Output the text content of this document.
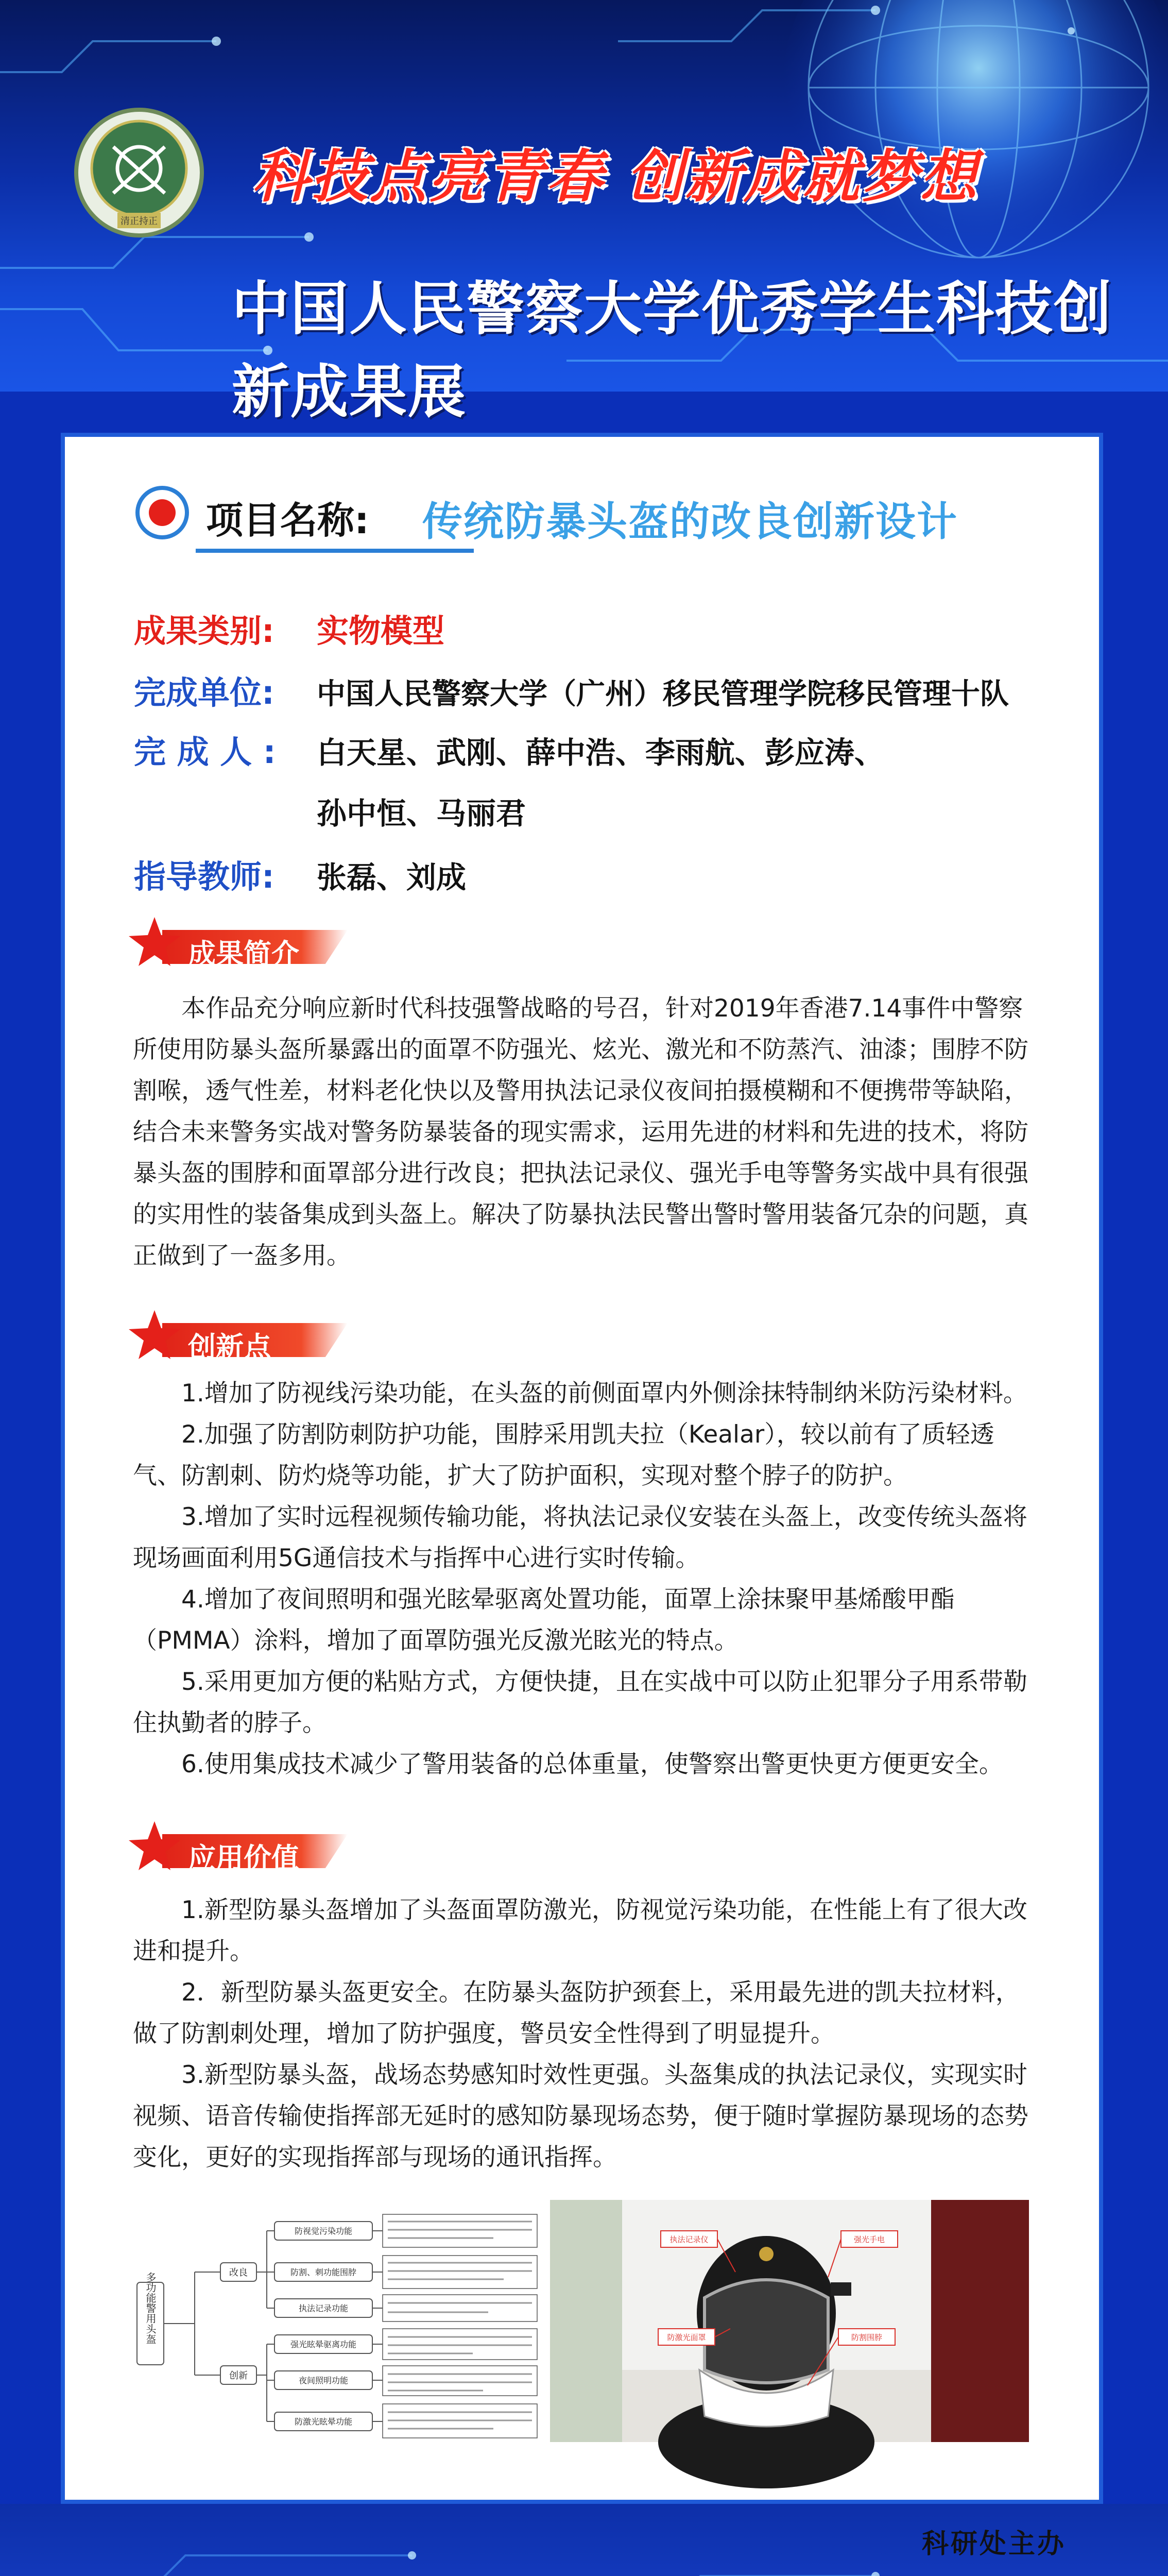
清正持正
科技点亮青春 创新成就梦想
中国人民警察大学优秀学生科技创新成果展
项目名称: 传统防暴头盔的改良创新设计
成果类别: 实物模型
完成单位: 中国人民警察大学（广州）移民管理学院移民管理十队
完 成 人 : 白天星、武刚、薛中浩、李雨航、彭应涛、
孙中恒、马丽君
指导教师: 张磊、刘成
成果简介

本作品充分响应新时代科技强警战略的号召，针对2019年香港7.14事件中警察所使用防暴头盔所暴露出的面罩不防强光、炫光、激光和不防蒸汽、油漆；围脖不防割喉，透气性差，材料老化快以及警用执法记录仪夜间拍摄模糊和不便携带等缺陷，结合未来警务实战对警务防暴装备的现实需求，运用先进的材料和先进的技术，将防暴头盔的围脖和面罩部分进行改良；把执法记录仪、强光手电等警务实战中具有很强的实用性的装备集成到头盔上。解决了防暴执法民警出警时警用装备冗杂的问题，真正做到了一盔多用。

创新点

1.增加了防视线污染功能，在头盔的前侧面罩内外侧涂抹特制纳米防污染材料。

2.加强了防割防刺防护功能，围脖采用凯夫拉（Kealar），较以前有了质轻透气、防割刺、防灼烧等功能，扩大了防护面积，实现对整个脖子的防护。

3.增加了实时远程视频传输功能，将执法记录仪安装在头盔上，改变传统头盔将现场画面利用5G通信技术与指挥中心进行实时传输。

4.增加了夜间照明和强光眩晕驱离处置功能，面罩上涂抹聚甲基烯酸甲酯（PMMA）涂料，增加了面罩防强光反激光眩光的特点。

5.采用更加方便的粘贴方式，方便快捷，且在实战中可以防止犯罪分子用系带勒住执勤者的脖子。

6.使用集成技术减少了警用装备的总体重量，使警察出警更快更方便更安全。

应用价值

1.新型防暴头盔增加了头盔面罩防激光，防视觉污染功能，在性能上有了很大改进和提升。

2．新型防暴头盔更安全。在防暴头盔防护颈套上，采用最先进的凯夫拉材料，做了防割刺处理，增加了防护强度，警员安全性得到了明显提升。

3.新型防暴头盔，战场态势感知时效性更强。头盔集成的执法记录仪，实现实时视频、语音传输使指挥部无延时的感知防暴现场态势，便于随时掌握防暴现场的态势变化，更好的实现指挥部与现场的通讯指挥。

多功能警用头盔	改良
创新
防视觉污染功能
防割、刺功能围脖
执法记录功能
强光眩晕驱离功能
夜间照明功能
防激光眩晕功能
执法记录仪	强光手电
防激光面罩	防割围脖
科研处主办
